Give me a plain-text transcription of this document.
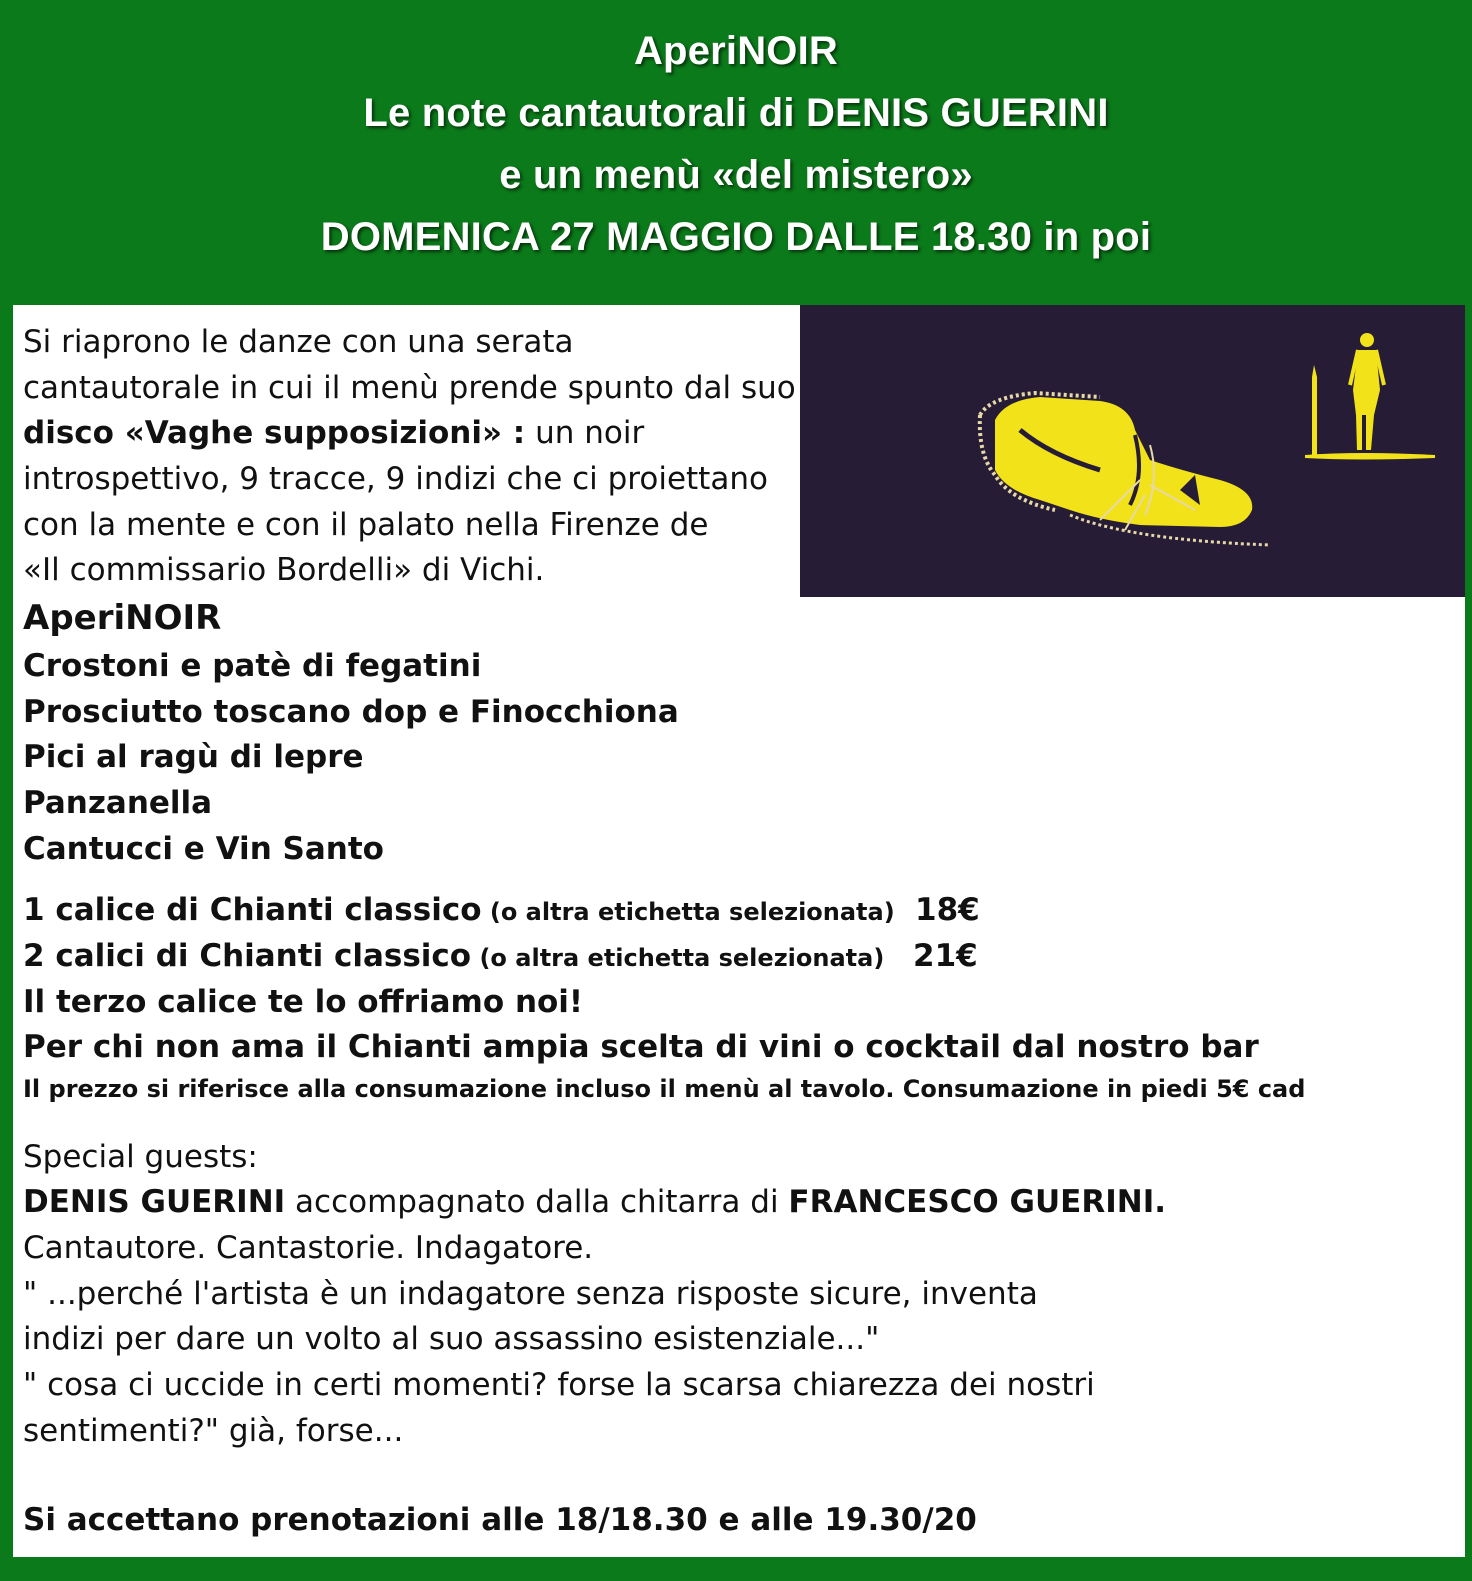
AperiNOIR
Le note cantautorali di DENIS GUERINI
e un menù «del mistero»
DOMENICA 27 MAGGIO DALLE 18.30 in poi
Si riaprono le danze con una serata
cantautorale in cui il menù prende spunto dal suo
disco «Vaghe supposizioni» : un noir
introspettivo, 9 tracce, 9 indizi che ci proiettano
con la mente e con il palato nella Firenze de
«Il commissario Bordelli» di Vichi.
AperiNOIR
Crostoni e patè di fegatini
Prosciutto toscano dop e Finocchiona
Pici al ragù di lepre
Panzanella
Cantucci e Vin Santo
1 calice di Chianti classico (o altra etichetta selezionata) 18€
2 calici di Chianti classico (o altra etichetta selezionata) 21€
Il terzo calice te lo offriamo noi!
Per chi non ama il Chianti ampia scelta di vini o cocktail dal nostro bar
Il prezzo si riferisce alla consumazione incluso il menù al tavolo. Consumazione in piedi 5€ cad
Special guests:
DENIS GUERINI accompagnato dalla chitarra di FRANCESCO GUERINI.
Cantautore. Cantastorie. Indagatore.
" ...perché l'artista è un indagatore senza risposte sicure, inventa
indizi per dare un volto al suo assassino esistenziale..."
" cosa ci uccide in certi momenti? forse la scarsa chiarezza dei nostri
sentimenti?" già, forse...
Si accettano prenotazioni alle 18/18.30 e alle 19.30/20
